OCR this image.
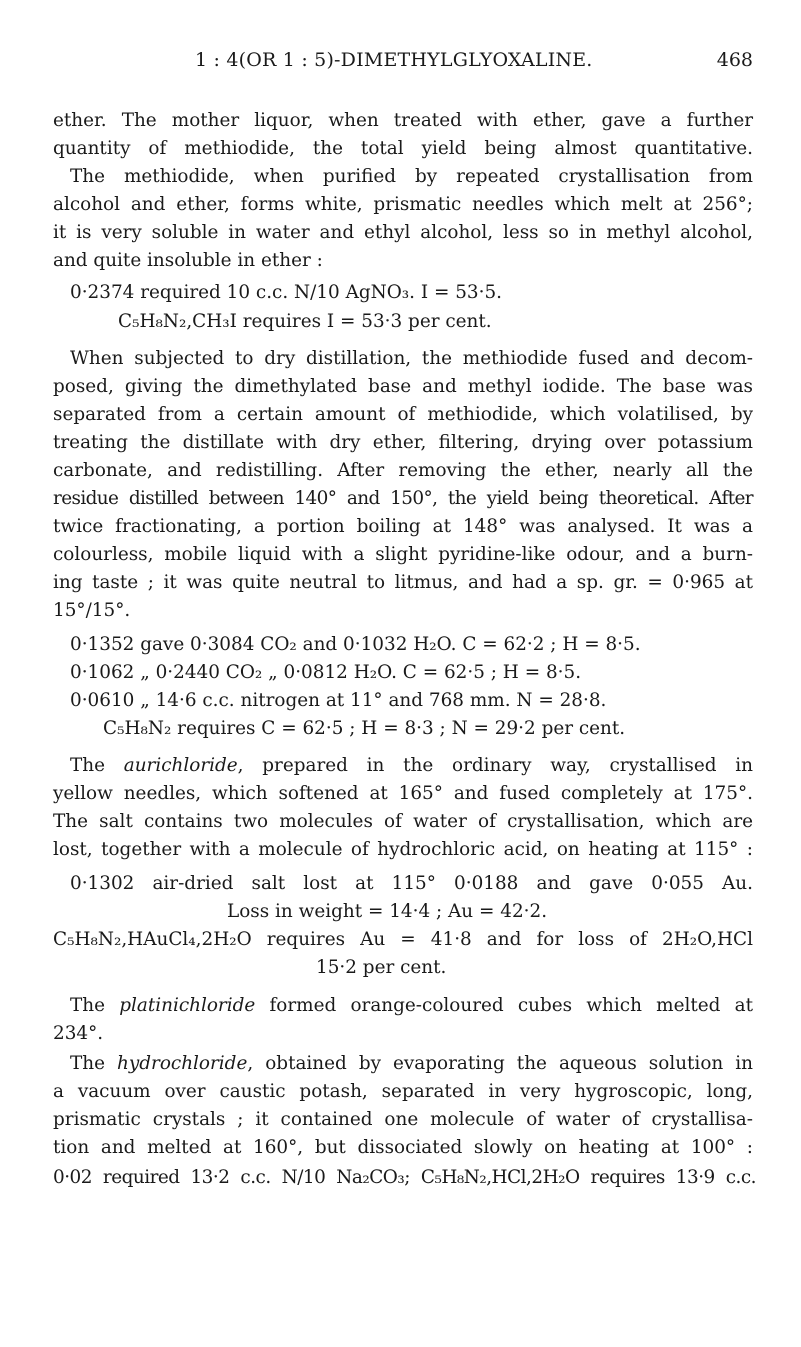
1 : 4(OR 1 : 5)-DIMETHYLGLYOXALINE.	468
ether. The mother liquor, when treated with ether, gave a further
quantity of methiodide, the total yield being almost quantitative.
The methiodide, when purified by repeated crystallisation from
alcohol and ether, forms white, prismatic needles which melt at 256°;
it is very soluble in water and ethyl alcohol, less so in methyl alcohol,
and quite insoluble in ether :
0·2374 required 10 c.c. N/10 AgNO₃. I = 53·5.
C₅H₈N₂,CH₃I requires I = 53·3 per cent.
When subjected to dry distillation, the methiodide fused and decom-
posed, giving the dimethylated base and methyl iodide. The base was
separated from a certain amount of methiodide, which volatilised, by
treating the distillate with dry ether, filtering, drying over potassium
carbonate, and redistilling. After removing the ether, nearly all the
residue distilled between 140° and 150°, the yield being theoretical. After
twice fractionating, a portion boiling at 148° was analysed. It was a
colourless, mobile liquid with a slight pyridine-like odour, and a burn-
ing taste ; it was quite neutral to litmus, and had a sp. gr. = 0·965 at
15°/15°.
0·1352 gave 0·3084 CO₂ and 0·1032 H₂O. C = 62·2 ; H = 8·5.
0·1062 „ 0·2440 CO₂ „ 0·0812 H₂O. C = 62·5 ; H = 8·5.
0·0610 „ 14·6 c.c. nitrogen at 11° and 768 mm. N = 28·8.
C₅H₈N₂ requires C = 62·5 ; H = 8·3 ; N = 29·2 per cent.
The aurichloride, prepared in the ordinary way, crystallised in
yellow needles, which softened at 165° and fused completely at 175°.
The salt contains two molecules of water of crystallisation, which are
lost, together with a molecule of hydrochloric acid, on heating at 115° :
0·1302 air-dried salt lost at 115° 0·0188 and gave 0·055 Au.
Loss in weight = 14·4 ; Au = 42·2.
C₅H₈N₂,HAuCl₄,2H₂O requires Au = 41·8 and for loss of 2H₂O,HCl
15·2 per cent.
The platinichloride formed orange-coloured cubes which melted at
234°.
The hydrochloride, obtained by evaporating the aqueous solution in
a vacuum over caustic potash, separated in very hygroscopic, long,
prismatic crystals ; it contained one molecule of water of crystallisa-
tion and melted at 160°, but dissociated slowly on heating at 100° :
0·02 required 13·2 c.c. N/10 Na₂CO₃; C₅H₈N₂,HCl,2H₂O requires 13·9 c.c.
